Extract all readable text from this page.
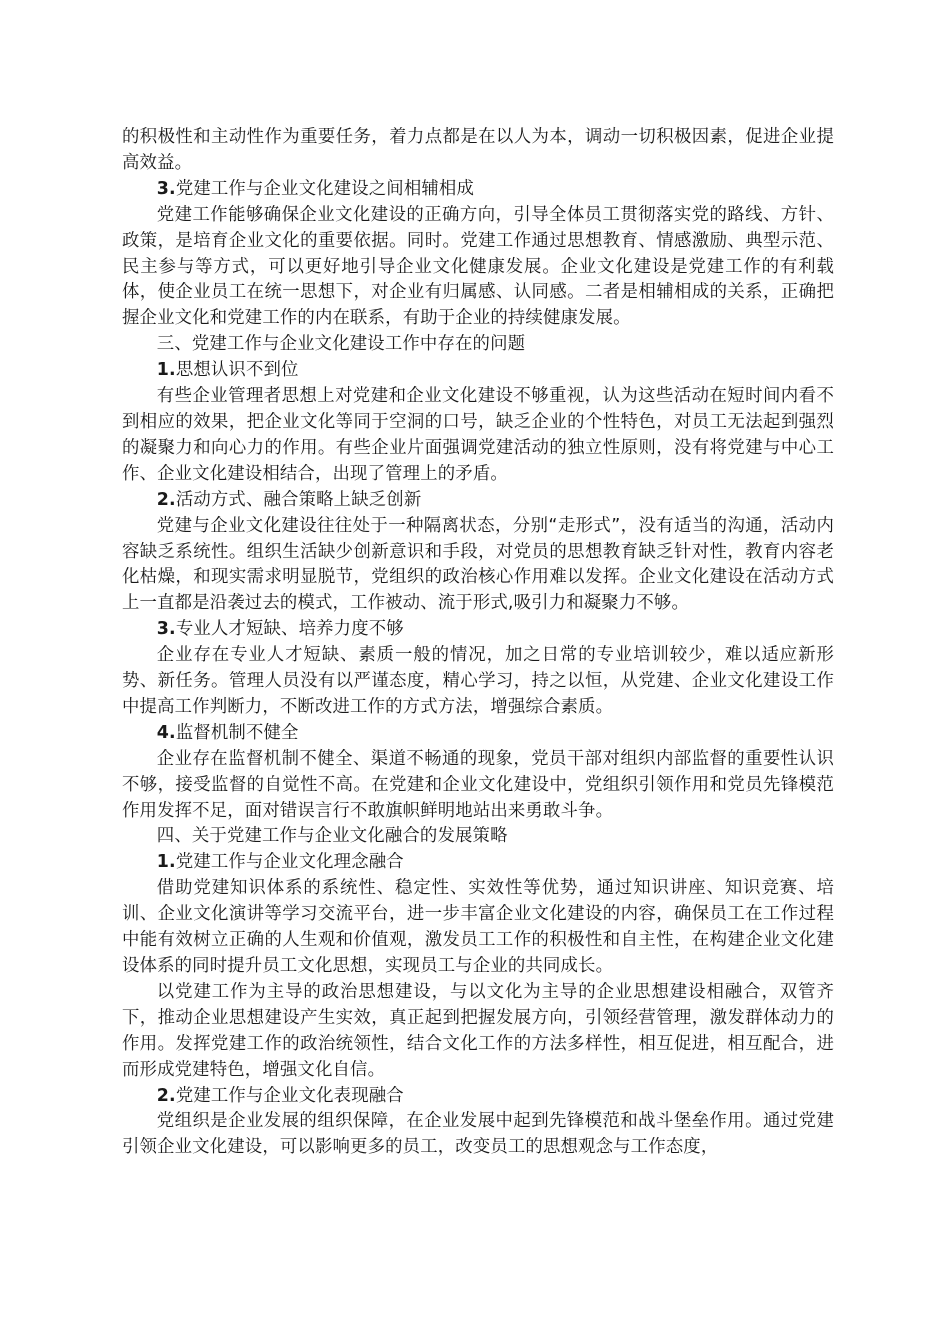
的积极性和主动性作为重要任务，着力点都是在以人为本，调动一切积极因素，促进企业提高效益。

3.党建工作与企业文化建设之间相辅相成

党建工作能够确保企业文化建设的正确方向，引导全体员工贯彻落实党的路线、方针、政策，是培育企业文化的重要依据。同时。党建工作通过思想教育、情感激励、典型示范、民主参与等方式，可以更好地引导企业文化健康发展。企业文化建设是党建工作的有利载体，使企业员工在统一思想下，对企业有归属感、认同感。二者是相辅相成的关系，正确把握企业文化和党建工作的内在联系，有助于企业的持续健康发展。

三、党建工作与企业文化建设工作中存在的问题

1.思想认识不到位

有些企业管理者思想上对党建和企业文化建设不够重视，认为这些活动在短时间内看不到相应的效果，把企业文化等同于空洞的口号，缺乏企业的个性特色，对员工无法起到强烈的凝聚力和向心力的作用。有些企业片面强调党建活动的独立性原则，没有将党建与中心工作、企业文化建设相结合，出现了管理上的矛盾。

2.活动方式、融合策略上缺乏创新

党建与企业文化建设往往处于一种隔离状态，分别“走形式”，没有适当的沟通，活动内容缺乏系统性。组织生活缺少创新意识和手段，对党员的思想教育缺乏针对性，教育内容老化枯燥，和现实需求明显脱节，党组织的政治核心作用难以发挥。企业文化建设在活动方式上一直都是沿袭过去的模式，工作被动、流于形式,吸引力和凝聚力不够。

3.专业人才短缺、培养力度不够

企业存在专业人才短缺、素质一般的情况，加之日常的专业培训较少，难以适应新形势、新任务。管理人员没有以严谨态度，精心学习，持之以恒，从党建、企业文化建设工作中提高工作判断力，不断改进工作的方式方法，增强综合素质。

4.监督机制不健全

企业存在监督机制不健全、渠道不畅通的现象，党员干部对组织内部监督的重要性认识不够，接受监督的自觉性不高。在党建和企业文化建设中，党组织引领作用和党员先锋模范作用发挥不足，面对错误言行不敢旗帜鲜明地站出来勇敢斗争。

四、关于党建工作与企业文化融合的发展策略

1.党建工作与企业文化理念融合

借助党建知识体系的系统性、稳定性、实效性等优势，通过知识讲座、知识竞赛、培训、企业文化演讲等学习交流平台，进一步丰富企业文化建设的内容，确保员工在工作过程中能有效树立正确的人生观和价值观，激发员工工作的积极性和自主性，在构建企业文化建设体系的同时提升员工文化思想，实现员工与企业的共同成长。

以党建工作为主导的政治思想建设，与以文化为主导的企业思想建设相融合，双管齐下，推动企业思想建设产生实效，真正起到把握发展方向，引领经营管理，激发群体动力的作用。发挥党建工作的政治统领性，结合文化工作的方法多样性，相互促进，相互配合，进而形成党建特色，增强文化自信。

2.党建工作与企业文化表现融合

党组织是企业发展的组织保障，在企业发展中起到先锋模范和战斗堡垒作用。通过党建引领企业文化建设，可以影响更多的员工，改变员工的思想观念与工作态度，
